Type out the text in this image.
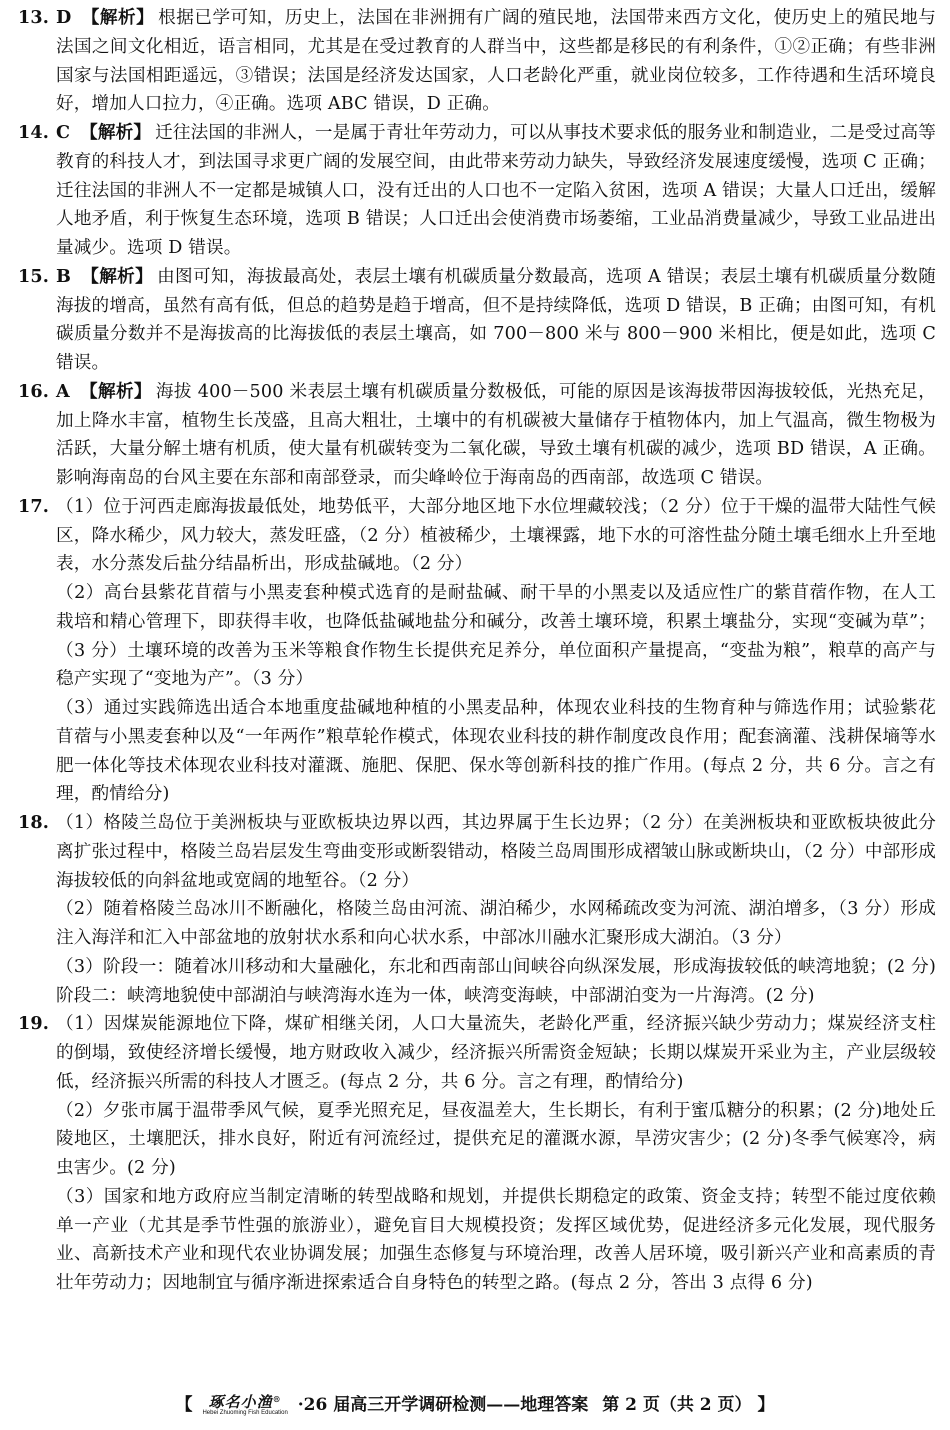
13. D 【解析】 根据已学可知，历史上，法国在非洲拥有广阔的殖民地，法国带来西方文化，使历史上的殖民地与法国之间文化相近，语言相同，尤其是在受过教育的人群当中，这些都是移民的有利条件，①②正确；有些非洲国家与法国相距遥远，③错误；法国是经济发达国家，人口老龄化严重，就业岗位较多，工作待遇和生活环境良好，增加人口拉力，④正确。选项 ABC 错误，D 正确。
14. C 【解析】 迁往法国的非洲人，一是属于青壮年劳动力，可以从事技术要求低的服务业和制造业，二是受过高等教育的科技人才，到法国寻求更广阔的发展空间，由此带来劳动力缺失，导致经济发展速度缓慢，选项 C 正确；迁往法国的非洲人不一定都是城镇人口，没有迁出的人口也不一定陷入贫困，选项 A 错误；大量人口迁出，缓解人地矛盾，利于恢复生态环境，选项 B 错误；人口迁出会使消费市场萎缩，工业品消费量减少，导致工业品进出量减少。选项 D 错误。
15. B 【解析】 由图可知，海拔最高处，表层土壤有机碳质量分数最高，选项 A 错误；表层土壤有机碳质量分数随海拔的增高，虽然有高有低，但总的趋势是趋于增高，但不是持续降低，选项 D 错误，B 正确；由图可知，有机碳质量分数并不是海拔高的比海拔低的表层土壤高，如 700－800 米与 800－900 米相比，便是如此，选项 C 错误。
16. A 【解析】 海拔 400－500 米表层土壤有机碳质量分数极低，可能的原因是该海拔带因海拔较低，光热充足，加上降水丰富，植物生长茂盛，且高大粗壮，土壤中的有机碳被大量储存于植物体内，加上气温高，微生物极为活跃，大量分解土塘有机质，使大量有机碳转变为二氧化碳，导致土壤有机碳的减少，选项 BD 错误，A 正确。影响海南岛的台风主要在东部和南部登录，而尖峰岭位于海南岛的西南部，故选项 C 错误。
17. （1）位于河西走廊海拔最低处，地势低平，大部分地区地下水位埋藏较浅；（2 分）位于干燥的温带大陆性气候区，降水稀少，风力较大，蒸发旺盛，（2 分）植被稀少，土壤裸露，地下水的可溶性盐分随土壤毛细水上升至地表，水分蒸发后盐分结晶析出，形成盐碱地。（2 分）
（2）高台县紫花苜蓿与小黑麦套种模式选育的是耐盐碱、耐干旱的小黑麦以及适应性广的紫苜蓿作物，在人工栽培和精心管理下，即获得丰收，也降低盐碱地盐分和碱分，改善土壤环境，积累土壤盐分，实现“变碱为草”；（3 分）土壤环境的改善为玉米等粮食作物生长提供充足养分，单位面积产量提高，“变盐为粮”，粮草的高产与稳产实现了“变地为产”。（3 分）
（3）通过实践筛选出适合本地重度盐碱地种植的小黑麦品种，体现农业科技的生物育种与筛选作用；试验紫花苜蓿与小黑麦套种以及“一年两作”粮草轮作模式，体现农业科技的耕作制度改良作用；配套滴灌、浅耕保墒等水肥一体化等技术体现农业科技对灌溉、施肥、保肥、保水等创新科技的推广作用。(每点 2 分，共 6 分。言之有理，酌情给分)
18. （1）格陵兰岛位于美洲板块与亚欧板块边界以西，其边界属于生长边界；（2 分）在美洲板块和亚欧板块彼此分离扩张过程中，格陵兰岛岩层发生弯曲变形或断裂错动，格陵兰岛周围形成褶皱山脉或断块山，（2 分）中部形成海拔较低的向斜盆地或宽阔的地堑谷。（2 分）
（2）随着格陵兰岛冰川不断融化，格陵兰岛由河流、湖泊稀少，水网稀疏改变为河流、湖泊增多，（3 分）形成注入海洋和汇入中部盆地的放射状水系和向心状水系，中部冰川融水汇聚形成大湖泊。（3 分）
（3）阶段一：随着冰川移动和大量融化，东北和西南部山间峡谷向纵深发展，形成海拔较低的峡湾地貌；(2 分)阶段二：峡湾地貌使中部湖泊与峡湾海水连为一体，峡湾变海峡，中部湖泊变为一片海湾。(2 分)
19. （1）因煤炭能源地位下降，煤矿相继关闭，人口大量流失，老龄化严重，经济振兴缺少劳动力；煤炭经济支柱的倒塌，致使经济增长缓慢，地方财政收入减少，经济振兴所需资金短缺；长期以煤炭开采业为主，产业层级较低，经济振兴所需的科技人才匮乏。(每点 2 分，共 6 分。言之有理，酌情给分)
（2）夕张市属于温带季风气候，夏季光照充足，昼夜温差大，生长期长，有利于蜜瓜糖分的积累；(2 分)地处丘陵地区，土壤肥沃，排水良好，附近有河流经过，提供充足的灌溉水源，旱涝灾害少；(2 分)冬季气候寒冷，病虫害少。(2 分)
（3）国家和地方政府应当制定清晰的转型战略和规划，并提供长期稳定的政策、资金支持；转型不能过度依赖单一产业（尤其是季节性强的旅游业），避免盲目大规模投资；发挥区域优势，促进经济多元化发展，现代服务业、高新技术产业和现代农业协调发展；加强生态修复与环境治理，改善人居环境，吸引新兴产业和高素质的青壮年劳动力；因地制宜与循序渐进探索适合自身特色的转型之路。(每点 2 分，答出 3 点得 6 分)
【	琢名小渔®
Hebei Zhuoming Fish Education ·26 届高三开学调研检测——地理答案 第 2 页（共 2 页） 】
